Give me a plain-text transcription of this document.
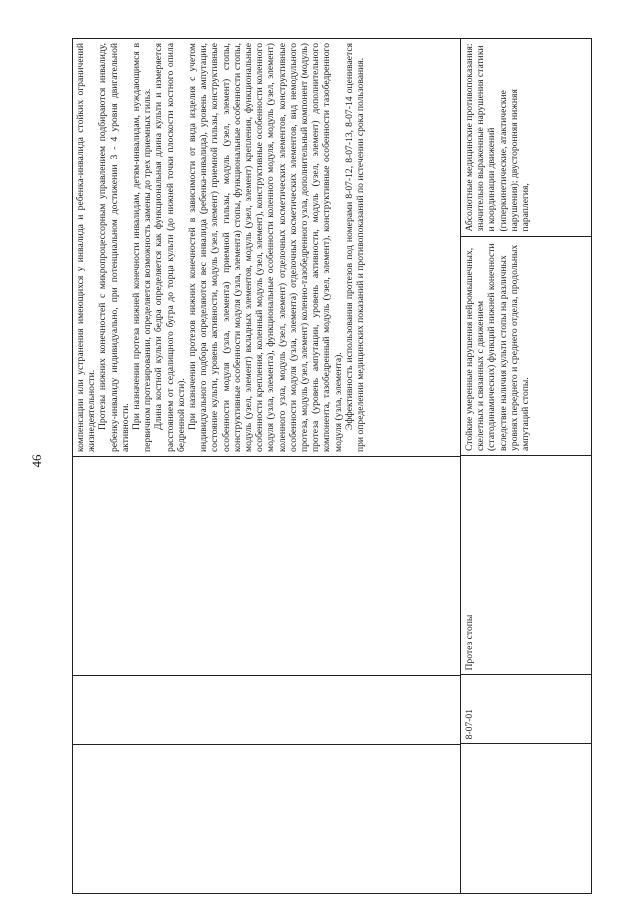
46

компенсации или устранения имеющихся у инвалида и ребенка-инвалида стойких ограничений жизнедеятельности. Протезы нижних конечностей с микропроцессорным управлением подбираются инвалиду, ребенку-инвалиду индивидуально, при потенциальном достижении 3 - 4 уровня двигательной активности. При назначении протеза нижней конечности инвалидам, детям-инвалидам, нуждающимся в первичном протезировании, определяется возможность замены до трех приемных гильз. Длина костной культи бедра определяется как функциональная длина культи и измеряется расстоянием от седалищного бугра до торца культи (до нижней точки плоскости костного опила бедренной кости). При назначении протезов нижних конечностей в зависимости от вида изделия с учетом индивидуального подбора определяются вес инвалида (ребенка-инвалида), уровень ампутации, состояние культи, уровень активности, модуль (узел, элемент) приемной гильзы, конструктивные особенности модуля (узла, элемента) приемной гильзы, модуль (узел, элемент) стопы, конструктивные особенности модуля (узла, элемента) стопы, функциональные особенности стопы, модуль (узел, элемент) вкладных элементов, модуль (узел, элемент) крепления, функциональные особенности крепления, коленный модуль (узел, элемент), конструктивные особенности коленного модуля (узла, элемента), функциональные особенности коленного модуля, модуль (узел, элемент) коленного узла, модуль (узел, элемент) отделочных косметических элементов, конструктивные особенности модуля (узла, элемента) отделочных косметических элементов, вид немодульного протеза, модуль (узел, элемент) коленно-тазобедренного узла, дополнительный компонент (модуль) протеза (уровень ампутации, уровень активности, модуль (узел, элемент) дополнительного компонента, тазобедренный модуль (узел, элемент), конструктивные особенности тазобедренного модуля (узла, элемента). Эффективность использования протезов под номерами 8-07-12, 8-07-13, 8-07-14 оценивается при определении медицинских показаний и противопоказаний по истечении срока пользования.

8-07-01
Протез стопы
Стойкие умеренные нарушения нейромышечных, скелетных и связанных с движением (статодинамических) функций нижней конечности вследствие наличия культи стопы на различных уровнях переднего и среднего отдела, продольных ампутаций стопы.
Абсолютные медицинские противопоказания: значительно выраженные нарушения статики и координации движений (гиперкинетические, атактические нарушения); двусторонняя нижняя параплегия,
